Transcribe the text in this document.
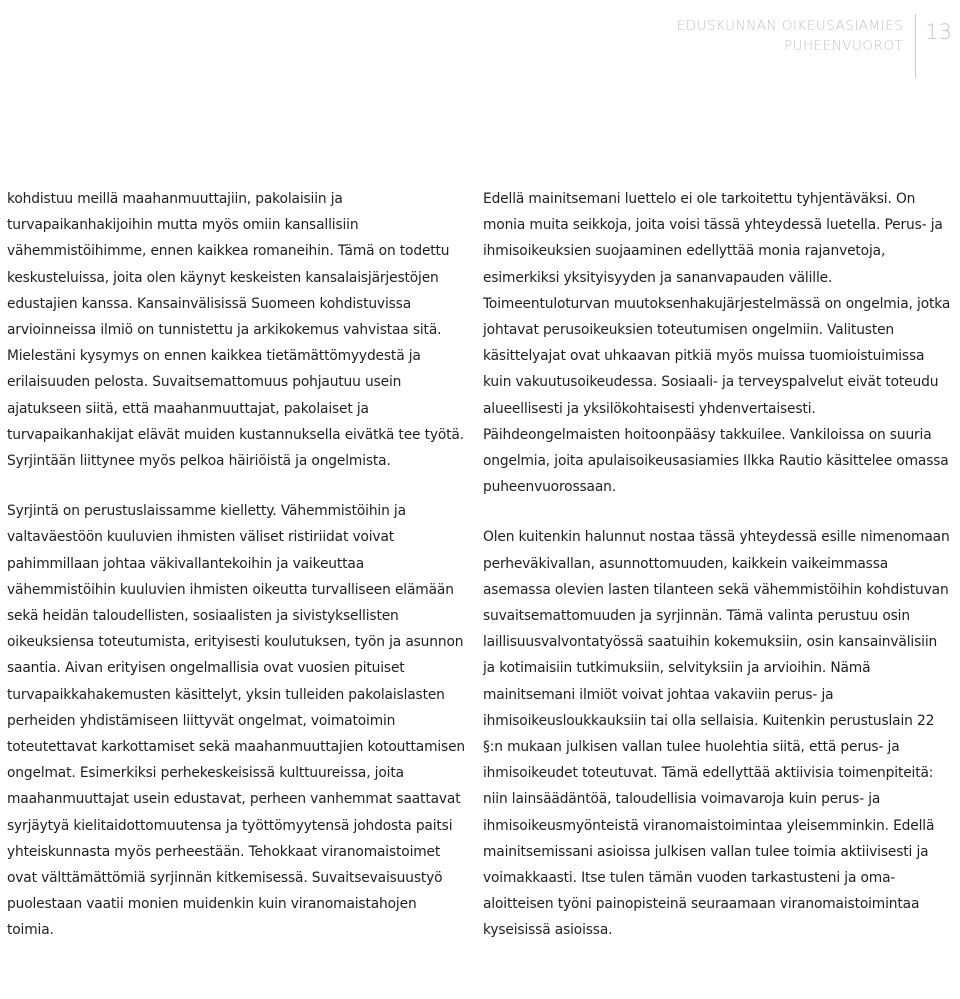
EDUSKUNNAN OIKEUSASIAMIES
PUHEENVUOROT
13

kohdistuu meillä maahanmuuttajiin, pakolaisiin ja turvapaikanhakijoihin mutta myös omiin kansallisiin vähemmistöihimme, ennen kaikkea romaneihin. Tämä on todettu keskusteluissa, joita olen käynyt keskeisten kansalaisjärjestöjen edustajien kanssa. Kansainvälisissä Suomeen kohdistuvissa arvioinneissa ilmiö on tunnistettu ja arkikokemus vahvistaa sitä. Mielestäni kysymys on ennen kaikkea tietämättömyydestä ja erilaisuuden pelosta. Suvaitsemattomuus pohjautuu usein ajatukseen siitä, että maahanmuuttajat, pakolaiset ja turvapaikanhakijat elävät muiden kustannuksella eivätkä tee työtä. Syrjintään liittynee myös pelkoa häiriöistä ja ongelmista.

Syrjintä on perustuslaissamme kielletty. Vähemmistöihin ja valtaväestöön kuuluvien ihmisten väliset ristiriidat voivat pahimmillaan johtaa väkivallantekoihin ja vaikeuttaa vähemmistöihin kuuluvien ihmisten oikeutta turvalliseen elämään sekä heidän taloudellisten, sosiaalisten ja sivistyksellisten oikeuksiensa toteutumista, erityisesti koulutuksen, työn ja asunnon saantia. Aivan erityisen ongelmallisia ovat vuosien pituiset turvapaikkahakemusten käsittelyt, yksin tulleiden pakolaislasten perheiden yhdistämiseen liittyvät ongelmat, voimatoimin toteutettavat karkottamiset sekä maahanmuuttajien kotouttamisen ongelmat. Esimerkiksi perhekeskeisissä kulttuureissa, joita maahanmuuttajat usein edustavat, perheen vanhemmat saattavat syrjäytyä kielitaidottomuutensa ja työttömyytensä johdosta paitsi yhteiskunnasta myös perheestään. Tehokkaat viranomaistoimet ovat välttämättömiä syrjinnän kitkemisessä. Suvaitsevaisuustyö puolestaan vaatii monien muidenkin kuin viranomaistahojen toimia.

Edellä mainitsemani luettelo ei ole tarkoitettu tyhjentäväksi. On monia muita seikkoja, joita voisi tässä yhteydessä luetella. Perus- ja ihmisoikeuksien suojaaminen edellyttää monia rajanvetoja, esimerkiksi yksityisyyden ja sananvapauden välille. Toimeentuloturvan muutoksenhakujärjestelmässä on ongelmia, jotka johtavat perusoikeuksien toteutumisen ongelmiin. Valitusten käsittelyajat ovat uhkaavan pitkiä myös muissa tuomioistuimissa kuin vakuutusoikeudessa. Sosiaali- ja terveyspalvelut eivät toteudu alueellisesti ja yksilökohtaisesti yhdenvertaisesti. Päihdeongelmaisten hoitoonpääsy takkuilee. Vankiloissa on suuria ongelmia, joita apulaisoikeusasiamies Ilkka Rautio käsittelee omassa puheenvuorossaan.

Olen kuitenkin halunnut nostaa tässä yhteydessä esille nimenomaan perheväkivallan, asunnottomuuden, kaikkein vaikeimmassa asemassa olevien lasten tilanteen sekä vähemmistöihin kohdistuvan suvaitsemattomuuden ja syrjinnän. Tämä valinta perustuu osin laillisuusvalvontatyössä saatuihin kokemuksiin, osin kansainvälisiin ja kotimaisiin tutkimuksiin, selvityksiin ja arvioihin. Nämä mainitsemani ilmiöt voivat johtaa vakaviin perus- ja ihmisoikeusloukkauksiin tai olla sellaisia. Kuitenkin perustuslain 22 §:n mukaan julkisen vallan tulee huolehtia siitä, että perus- ja ihmisoikeudet toteutuvat. Tämä edellyttää aktiivisia toimenpiteitä: niin lainsäädäntöä, taloudellisia voimavaroja kuin perus- ja ihmisoikeusmyönteistä viranomaistoimintaa yleisemminkin. Edellä mainitsemissani asioissa julkisen vallan tulee toimia aktiivisesti ja voimakkaasti. Itse tulen tämän vuoden tarkastusteni ja oma-aloitteisen työni painopisteinä seuraamaan viranomaistoimintaa kyseisissä asioissa.
